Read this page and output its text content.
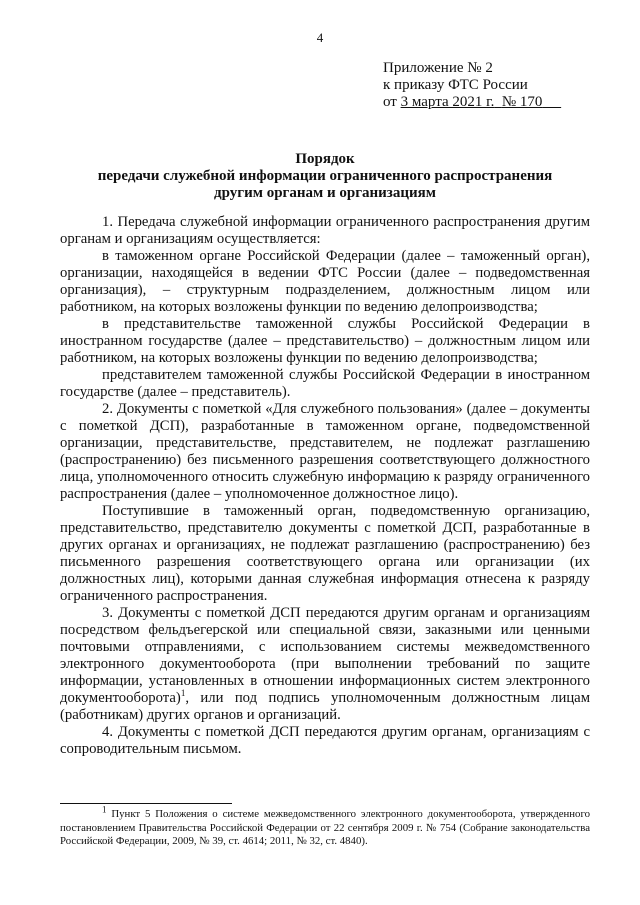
4
Приложение № 2
к приказу ФТС России
от 3 марта 2021 г. № 170
Порядок
передачи служебной информации ограниченного распространения
другим органам и организациям

1. Передача служебной информации ограниченного распространения другим органам и организациям осуществляется:

в таможенном органе Российской Федерации (далее – таможенный орган), организации, находящейся в ведении ФТС России (далее – подведомственная организация), – структурным подразделением, должностным лицом или работником, на которых возложены функции по ведению делопроизводства;

в представительстве таможенной службы Российской Федерации в иностранном государстве (далее – представительство) – должностным лицом или работником, на которых возложены функции по ведению делопроизводства;

представителем таможенной службы Российской Федерации в иностранном государстве (далее – представитель).

2. Документы с пометкой «Для служебного пользования» (далее – документы с пометкой ДСП), разработанные в таможенном органе, подведомственной организации, представительстве, представителем, не подлежат разглашению (распространению) без письменного разрешения соответствующего должностного лица, уполномоченного относить служебную информацию к разряду ограниченного распространения (далее – уполномоченное должностное лицо).

Поступившие в таможенный орган, подведомственную организацию, представительство, представителю документы с пометкой ДСП, разработанные в других органах и организациях, не подлежат разглашению (распространению) без письменного разрешения соответствующего органа или организации (их должностных лиц), которыми данная служебная информация отнесена к разряду ограниченного распространения.

3. Документы с пометкой ДСП передаются другим органам и организациям посредством фельдъегерской или специальной связи, заказными или ценными почтовыми отправлениями, с использованием системы межведомственного электронного документооборота (при выполнении требований по защите информации, установленных в отношении информационных систем электронного документооборота)$^1$, или под подпись уполномоченным должностным лицам (работникам) других органов и организаций.

4. Документы с пометкой ДСП передаются другим органам, организациям с сопроводительным письмом.

$^1$ Пункт 5 Положения о системе межведомственного электронного документооборота, утвержденного постановлением Правительства Российской Федерации от 22 сентября 2009 г. № 754 (Собрание законодательства Российской Федерации, 2009, № 39, ст. 4614; 2011, № 32, ст. 4840).
